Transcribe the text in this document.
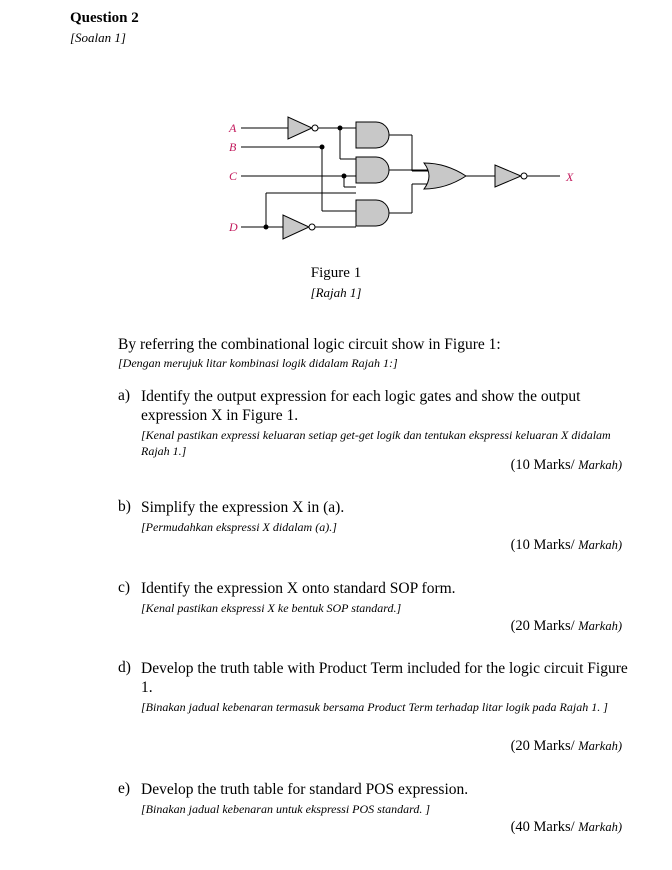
Question 2
[Soalan 1]
A
B
C
D
X
Figure 1
[Rajah 1]
By referring the combinational logic circuit show in Figure 1:
[Dengan merujuk litar kombinasi logik didalam Rajah 1:]
a) Identify the output expression for each logic gates and show the output expression X in Figure 1.
[Kenal pastikan expressi keluaran setiap get-get logik dan tentukan ekspressi keluaran X didalam Rajah 1.]
(10 Marks/ Markah)
b) Simplify the expression X in (a).
[Permudahkan ekspressi X didalam (a).]
(10 Marks/ Markah)
c) Identify the expression X onto standard SOP form.
[Kenal pastikan ekspressi X ke bentuk SOP standard.]
(20 Marks/ Markah)
d) Develop the truth table with Product Term included for the logic circuit Figure 1.
[Binakan jadual kebenaran termasuk bersama Product Term terhadap litar logik pada Rajah 1. ]
(20 Marks/ Markah)
e) Develop the truth table for standard POS expression.
[Binakan jadual kebenaran untuk ekspressi POS standard. ]
(40 Marks/ Markah)
